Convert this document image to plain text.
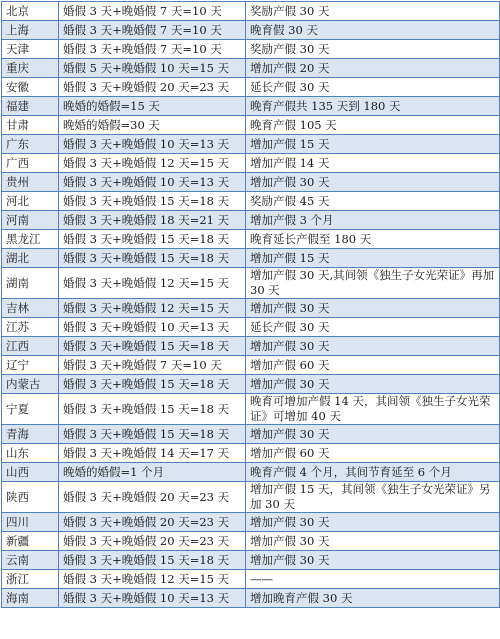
北京	婚假 3 天+晚婚假 7 天=10 天	奖励产假 30 天
上海	婚假 3 天+晚婚假 7 天=10 天	晚育假 30 天
天津	婚假 3 天+晚婚假 7 天=10 天	奖励产假 30 天
重庆	婚假 5 天+晚婚假 10 天=15 天	增加产假 20 天
安徽	婚假 3 天+晚婚假 20 天=23 天	延长产假 30 天
福建	晚婚的婚假=15 天	晚育产假共 135 天到 180 天
甘肃	晚婚的婚假=30 天	晚育产假 105 天
广东	婚假 3 天+晚婚假 10 天=13 天	增加产假 15 天
广西	婚假 3 天+晚婚假 12 天=15 天	增加产假 14 天
贵州	婚假 3 天+晚婚假 10 天=13 天	增加产假 30 天
河北	婚假 3 天+晚婚假 15 天=18 天	奖励产假 45 天
河南	婚假 3 天+晚婚假 18 天=21 天	增加产假 3 个月
黑龙江	婚假 3 天+晚婚假 15 天=18 天	晚育延长产假至 180 天
湖北	婚假 3 天+晚婚假 15 天=18 天	增加产假 15 天
湖南	婚假 3 天+晚婚假 12 天=15 天	增加产假 30 天,其间领《独生子女光荣证》再加 30 天
吉林	婚假 3 天+晚婚假 12 天=15 天	增加产假 30 天
江苏	婚假 3 天+晚婚假 10 天=13 天	延长产假 30 天
江西	婚假 3 天+晚婚假 15 天=18 天	增加产假 30 天
辽宁	婚假 3 天+晚婚假 7 天=10 天	增加产假 60 天
内蒙古	婚假 3 天+晚婚假 15 天=18 天	增加产假 30 天
宁夏	婚假 3 天+晚婚假 15 天=18 天	晚育可增加产假 14 天，其间领《独生子女光荣证》可增加 40 天
青海	婚假 3 天+晚婚假 15 天=18 天	增加产假 30 天
山东	婚假 3 天+晚婚假 14 天=17 天	增加产假 60 天
山西	晚婚的婚假=1 个月	晚育产假 4 个月，其间节育延至 6 个月
陕西	婚假 3 天+晚婚假 20 天=23 天	增加产假 15 天，其间领《独生子女光荣证》另加 30 天
四川	婚假 3 天+晚婚假 20 天=23 天	增加产假 30 天
新疆	婚假 3 天+晚婚假 20 天=23 天	增加产假 30 天
云南	婚假 3 天+晚婚假 15 天=18 天	增加产假 30 天
浙江	婚假 3 天+晚婚假 12 天=15 天	——
海南	婚假 3 天+晚婚假 10 天=13 天	增加晚育产假 30 天
